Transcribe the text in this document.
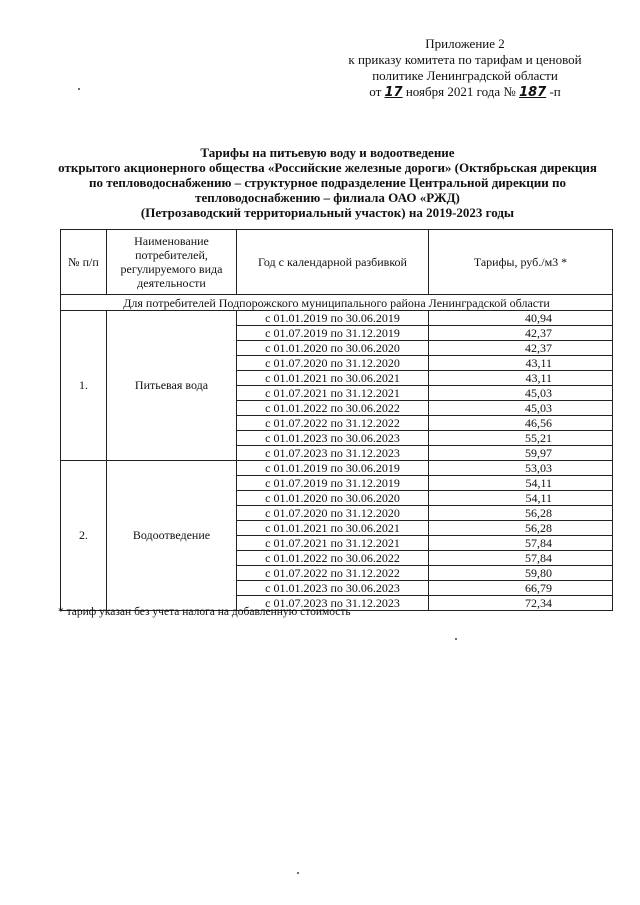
Приложение 2
к приказу комитета по тарифам и ценовой
политике Ленинградской области
от 17 ноября 2021 года № 187 -п
Тарифы на питьевую воду и водоотведение
открытого акционерного общества «Российские железные дороги» (Октябрьская дирекция
по тепловодоснабжению – структурное подразделение Центральной дирекции по
тепловодоснабжению – филиала ОАО «РЖД)
(Петрозаводский территориальный участок) на 2019-2023 годы
№ п/п	Наименование потребителей, регулируемого вида деятельности	Год с календарной разбивкой	Тарифы, руб./м3 *
Для потребителей Подпорожского муниципального района Ленинградской области			
1.	Питьевая вода	с 01.01.2019 по 30.06.2019	40,94
		с 01.07.2019 по 31.12.2019	42,37
		с 01.01.2020 по 30.06.2020	42,37
		с 01.07.2020 по 31.12.2020	43,11
		с 01.01.2021 по 30.06.2021	43,11
		с 01.07.2021 по 31.12.2021	45,03
		с 01.01.2022 по 30.06.2022	45,03
		с 01.07.2022 по 31.12.2022	46,56
		с 01.01.2023 по 30.06.2023	55,21
		с 01.07.2023 по 31.12.2023	59,97
2.	Водоотведение	с 01.01.2019 по 30.06.2019	53,03
		с 01.07.2019 по 31.12.2019	54,11
		с 01.01.2020 по 30.06.2020	54,11
		с 01.07.2020 по 31.12.2020	56,28
		с 01.01.2021 по 30.06.2021	56,28
		с 01.07.2021 по 31.12.2021	57,84
		с 01.01.2022 по 30.06.2022	57,84
		с 01.07.2022 по 31.12.2022	59,80
		с 01.01.2023 по 30.06.2023	66,79
		с 01.07.2023 по 31.12.2023	72,34
* тариф указан без учета налога на добавленную стоимость
